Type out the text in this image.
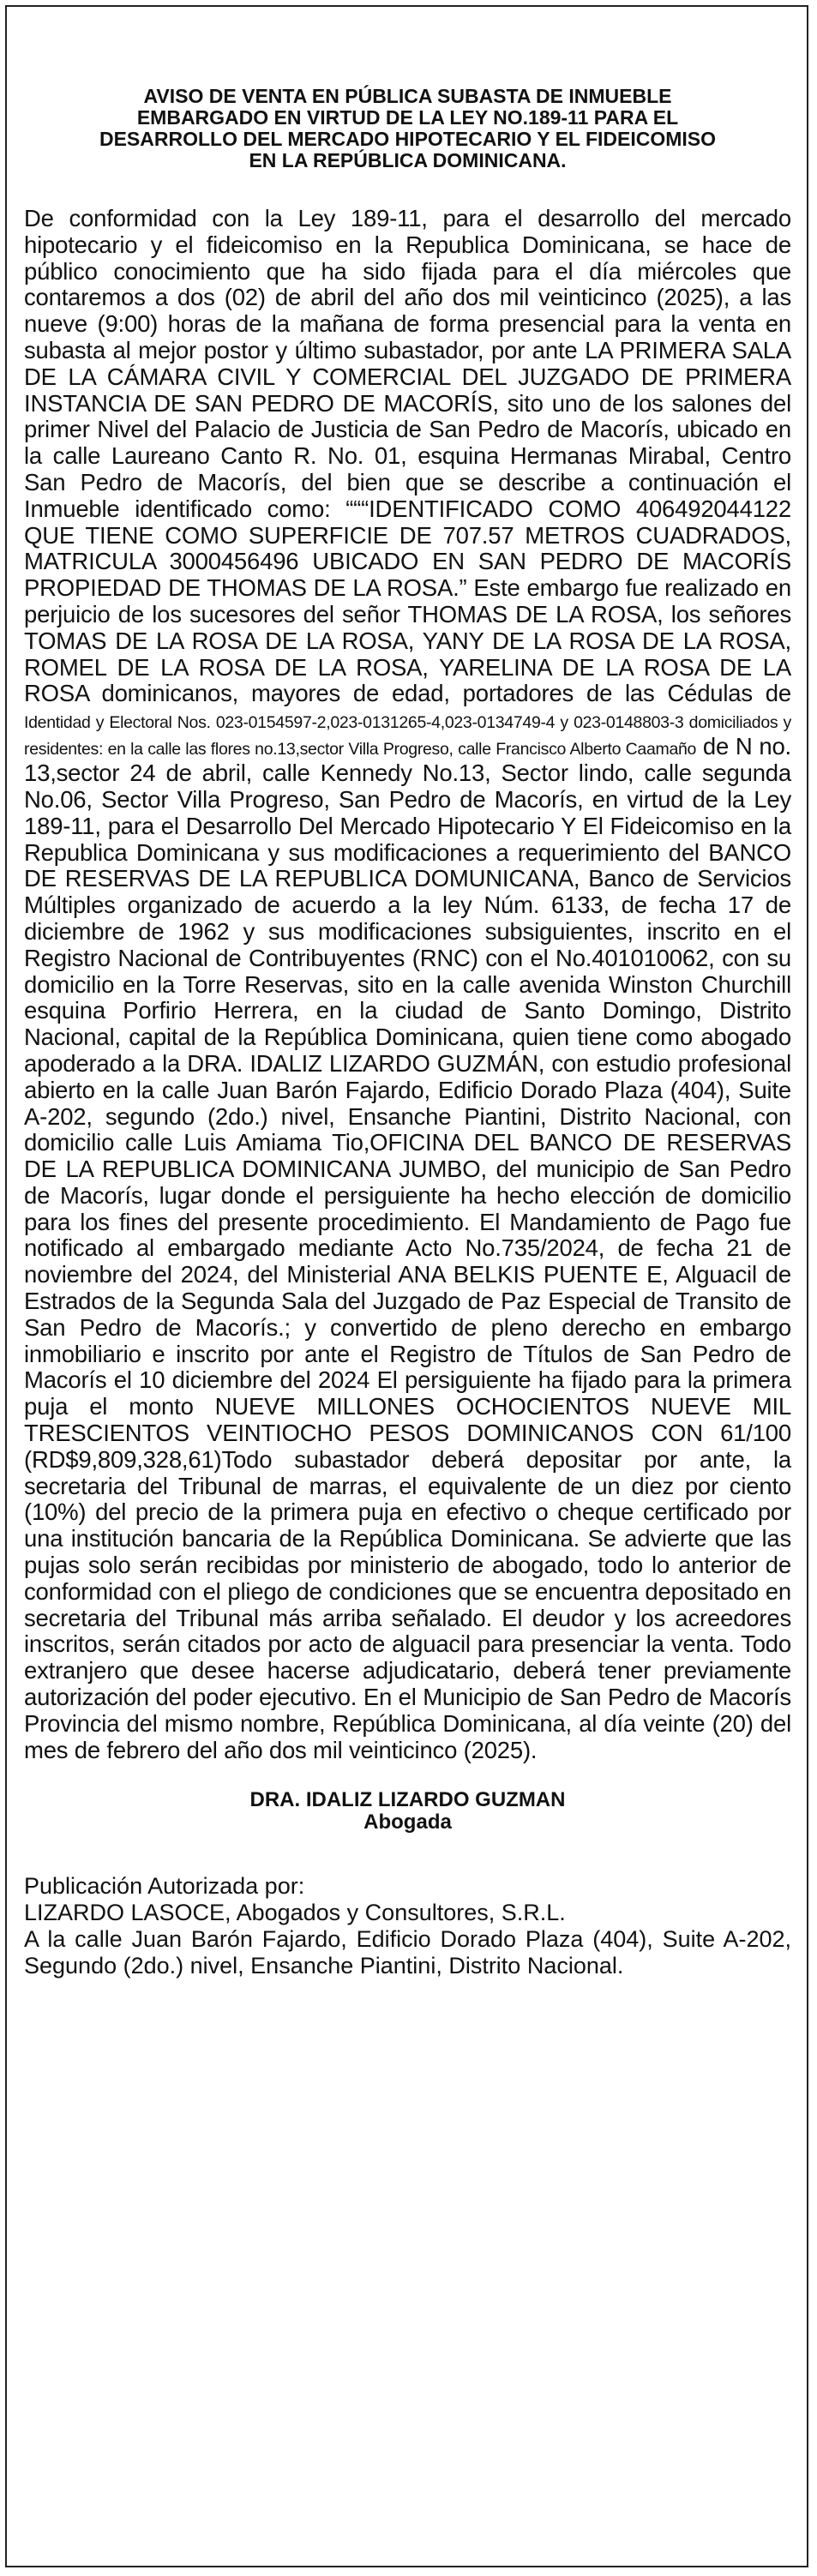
AVISO DE VENTA EN PÚBLICA SUBASTA DE INMUEBLE EMBARGADO EN VIRTUD DE LA LEY NO.189-11 PARA EL DESARROLLO DEL MERCADO HIPOTECARIO Y EL FIDEICOMISO EN LA REPÚBLICA DOMINICANA.
De conformidad con la Ley 189-11, para el desarrollo del mercado hipotecario y el fideicomiso en la Republica Dominicana, se hace de público conocimiento que ha sido fijada para el día miércoles que contaremos a dos (02) de abril del año dos mil veinticinco (2025), a las nueve (9:00) horas de la mañana de forma presencial para la venta en subasta al mejor postor y último subastador, por ante LA PRIMERA SALA DE LA CÁMARA CIVIL Y COMERCIAL DEL JUZGADO DE PRIMERA INSTANCIA DE SAN PEDRO DE MACORÍS, sito uno de los salones del primer Nivel del Palacio de Justicia de San Pedro de Macorís, ubicado en la calle Laureano Canto R. No. 01, esquina Hermanas Mirabal, Centro San Pedro de Macorís, del bien que se describe a continuación el Inmueble identificado como: “““IDENTIFICADO COMO 406492044122 QUE TIENE COMO SUPERFICIE DE 707.57 METROS CUADRADOS, MATRICULA 3000456496 UBICADO EN SAN PEDRO DE MACORÍS PROPIEDAD DE THOMAS DE LA ROSA.” Este embargo fue realizado en perjuicio de los sucesores del señor THOMAS DE LA ROSA, los señores TOMAS DE LA ROSA DE LA ROSA, YANY DE LA ROSA DE LA ROSA, ROMEL DE LA ROSA DE LA ROSA, YARELINA DE LA ROSA DE LA ROSA dominicanos, mayores de edad, portadores de las Cédulas de Identidad y Electoral Nos. 023-0154597-2,023-0131265-4,023-0134749-4 y 023-0148803-3 domiciliados y residentes: en la calle las flores no.13,sector Villa Progreso, calle Francisco Alberto Caamaño de N no. 13,sector 24 de abril, calle Kennedy No.13, Sector lindo, calle segunda No.06, Sector Villa Progreso, San Pedro de Macorís, en virtud de la Ley 189-11, para el Desarrollo Del Mercado Hipotecario Y El Fideicomiso en la Republica Dominicana y sus modificaciones a requerimiento del BANCO DE RESERVAS DE LA REPUBLICA DOMUNICANA, Banco de Servicios Múltiples organizado de acuerdo a la ley Núm. 6133, de fecha 17 de diciembre de 1962 y sus modificaciones subsiguientes, inscrito en el Registro Nacional de Contribuyentes (RNC) con el No.401010062, con su domicilio en la Torre Reservas, sito en la calle avenida Winston Churchill esquina Porfirio Herrera, en la ciudad de Santo Domingo, Distrito Nacional, capital de la República Dominicana, quien tiene como abogado apoderado a la DRA. IDALIZ LIZARDO GUZMÁN, con estudio profesional abierto en la calle Juan Barón Fajardo, Edificio Dorado Plaza (404), Suite A-202, segundo (2do.) nivel, Ensanche Piantini, Distrito Nacional, con domicilio calle Luis Amiama Tio,OFICINA DEL BANCO DE RESERVAS DE LA REPUBLICA DOMINICANA JUMBO, del municipio de San Pedro de Macorís, lugar donde el persiguiente ha hecho elección de domicilio para los fines del presente procedimiento. El Mandamiento de Pago fue notificado al embargado mediante Acto No.735/2024, de fecha 21 de noviembre del 2024, del Ministerial ANA BELKIS PUENTE E, Alguacil de Estrados de la Segunda Sala del Juzgado de Paz Especial de Transito de San Pedro de Macorís.; y convertido de pleno derecho en embargo inmobiliario e inscrito por ante el Registro de Títulos de San Pedro de Macorís el 10 diciembre del 2024 El persiguiente ha fijado para la primera puja el monto NUEVE MILLONES OCHOCIENTOS NUEVE MIL TRESCIENTOS VEINTIOCHO PESOS DOMINICANOS CON 61/100 (RD$9,809,328,61)Todo subastador deberá depositar por ante, la secretaria del Tribunal de marras, el equivalente de un diez por ciento (10%) del precio de la primera puja en efectivo o cheque certificado por una institución bancaria de la República Dominicana. Se advierte que las pujas solo serán recibidas por ministerio de abogado, todo lo anterior de conformidad con el pliego de condiciones que se encuentra depositado en secretaria del Tribunal más arriba señalado. El deudor y los acreedores inscritos, serán citados por acto de alguacil para presenciar la venta. Todo extranjero que desee hacerse adjudicatario, deberá tener previamente autorización del poder ejecutivo. En el Municipio de San Pedro de Macorís Provincia del mismo nombre, República Dominicana, al día veinte (20) del mes de febrero del año dos mil veinticinco (2025).
DRA. IDALIZ LIZARDO GUZMAN
Abogada
Publicación Autorizada por:
LIZARDO LASOCE, Abogados y Consultores, S.R.L.
A la calle Juan Barón Fajardo, Edificio Dorado Plaza (404), Suite A-202, Segundo (2do.) nivel, Ensanche Piantini, Distrito Nacional.
